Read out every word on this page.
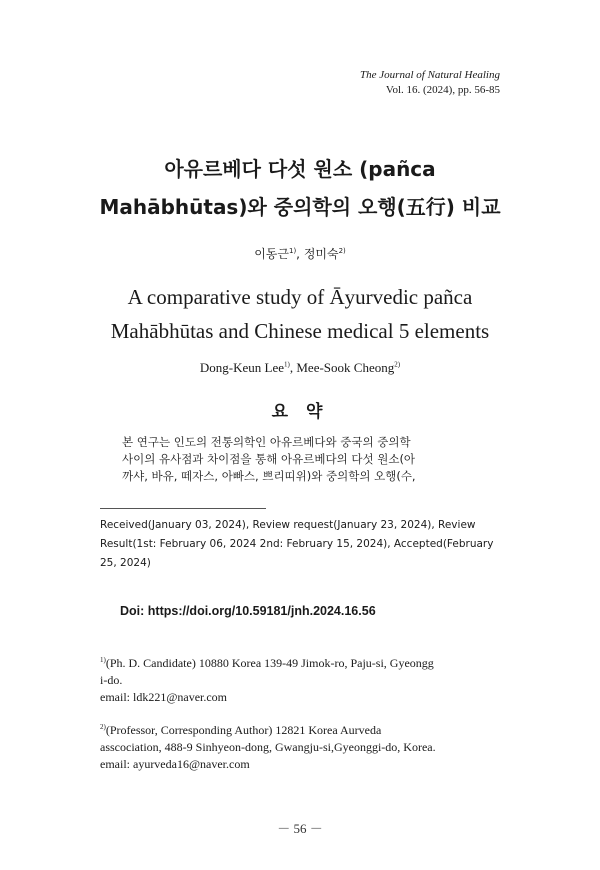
The Journal of Natural Healing
Vol. 16. (2024), pp. 56-85
아유르베다 다섯 원소 (pañca
Mahābhūtas)와 중의학의 오행(五行) 비교
이동근$^{1)}$, 정미숙$^{2)}$
A comparative study of Āyurvedic pañca
Mahābhūtas and Chinese medical 5 elements
Dong-Keun Lee$^{1)}$, Mee-Sook Cheong$^{2)}$
요 약
본 연구는 인도의 전통의학인 아유르베다와 중국의 중의학
사이의 유사점과 차이점을 통해 아유르베다의 다섯 원소(아
까샤, 바유, 떼자스, 아빠스, 쁘리띠위)와 중의학의 오행(수,
Received(January 03, 2024), Review request(January 23, 2024), Review
Result(1st: February 06, 2024 2nd: February 15, 2024), Accepted(February
25, 2024)
Doi: https://doi.org/10.59181/jnh.2024.16.56
$^{1)}$(Ph. D. Candidate) 10880 Korea 139-49 Jimok-ro, Paju-si, Gyeongg
i-do.
email: ldk221@naver.com
$^{2)}$(Professor, Corresponding Author) 12821 Korea Aurveda
asscociation, 488-9 Sinhyeon-dong, Gwangju-si,Gyeonggi-do, Korea.
email: ayurveda16@naver.com
－ 56 －
